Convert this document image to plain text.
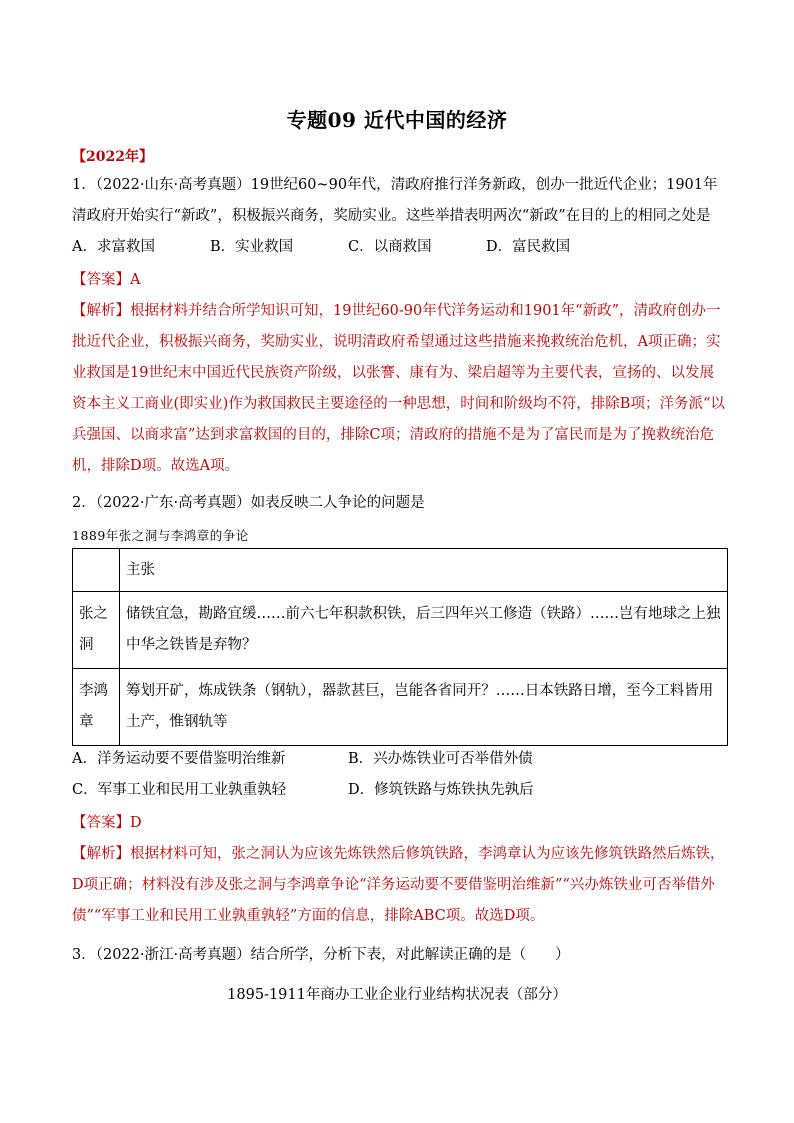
专题09 近代中国的经济
【2022年】
1．（2022·山东·高考真题）19世纪60~90年代，清政府推行洋务新政，创办一批近代企业；1901年清政府开始实行“新政”，积极振兴商务，奖励实业。这些举措表明两次“新政”在目的上的相同之处是
A．求富救国	B．实业救国	C．以商救国	D．富民救国
【答案】A
【解析】根据材料并结合所学知识可知，19世纪60-90年代洋务运动和1901年“新政”，清政府创办一批近代企业，积极振兴商务，奖励实业，说明清政府希望通过这些措施来挽救统治危机，A项正确；实业救国是19世纪末中国近代民族资产阶级，以张謇、康有为、梁启超等为主要代表，宣扬的、以发展资本主义工商业(即实业)作为救国救民主要途径的一种思想，时间和阶级均不符，排除B项；洋务派“以兵强国、以商求富”达到求富救国的目的，排除C项；清政府的措施不是为了富民而是为了挽救统治危机，排除D项。故选A项。
2．（2022·广东·高考真题）如表反映二人争论的问题是
1889年张之洞与李鸿章的争论
	主张
张之洞	储铁宜急，勘路宜缓……前六七年积款积铁，后三四年兴工修造（铁路）……岂有地球之上独中华之铁皆是弃物？
李鸿章	筹划开矿，炼成铁条（钢轨），器款甚巨，岂能各省同开？……日本铁路日增，至今工料皆用土产，惟钢轨等
A．洋务运动要不要借鉴明治维新	B．兴办炼铁业可否举借外债
C．军事工业和民用工业孰重孰轻	D．修筑铁路与炼铁执先孰后
【答案】D
【解析】根据材料可知，张之洞认为应该先炼铁然后修筑铁路，李鸿章认为应该先修筑铁路然后炼铁，D项正确；材料没有涉及张之洞与李鸿章争论“洋务运动要不要借鉴明治维新”“兴办炼铁业可否举借外债”“军事工业和民用工业孰重孰轻”方面的信息，排除ABC项。故选D项。
3．（2022·浙江·高考真题）结合所学，分析下表，对此解读正确的是（　　）
1895-1911年商办工业企业行业结构状况表（部分）
